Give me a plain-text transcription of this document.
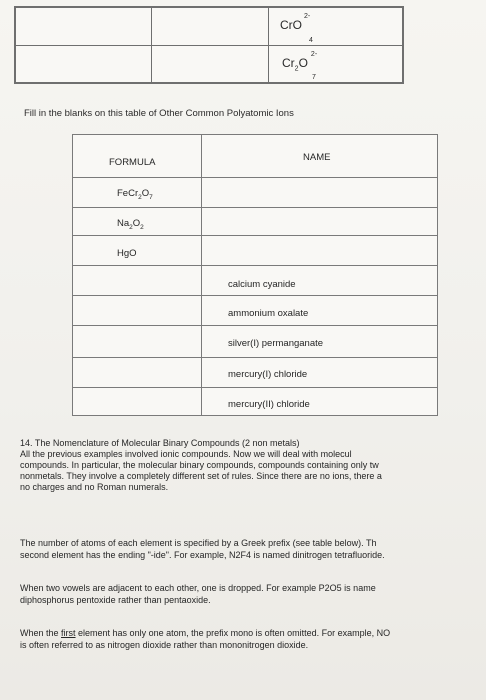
CrO$^{2-}$
4
$Cr_2O^{2-}$
7
Fill in the blanks on this table of Other Common Polyatomic Ions
FORMULA	NAME
$FeCr_2O_7$
$Na_2O_2$
HgO
calcium cyanide
ammonium oxalate
silver(I) permanganate
mercury(I) chloride
mercury(II) chloride
14. The Nomenclature of Molecular Binary Compounds (2 non metals)
All the previous examples involved ionic compounds. Now we will deal with molecul
compounds. In particular, the molecular binary compounds, compounds containing only tw
nonmetals. They involve a completely different set of rules. Since there are no ions, there a
no charges and no Roman numerals.
The number of atoms of each element is specified by a Greek prefix (see table below). Th
second element has the ending "-ide". For example, N2F4 is named dinitrogen tetrafluoride.
When two vowels are adjacent to each other, one is dropped. For example P2O5 is name
diphosphorus pentoxide rather than pentaoxide.
When the first element has only one atom, the prefix mono is often omitted. For example, NO
is often referred to as nitrogen dioxide rather than mononitrogen dioxide.
